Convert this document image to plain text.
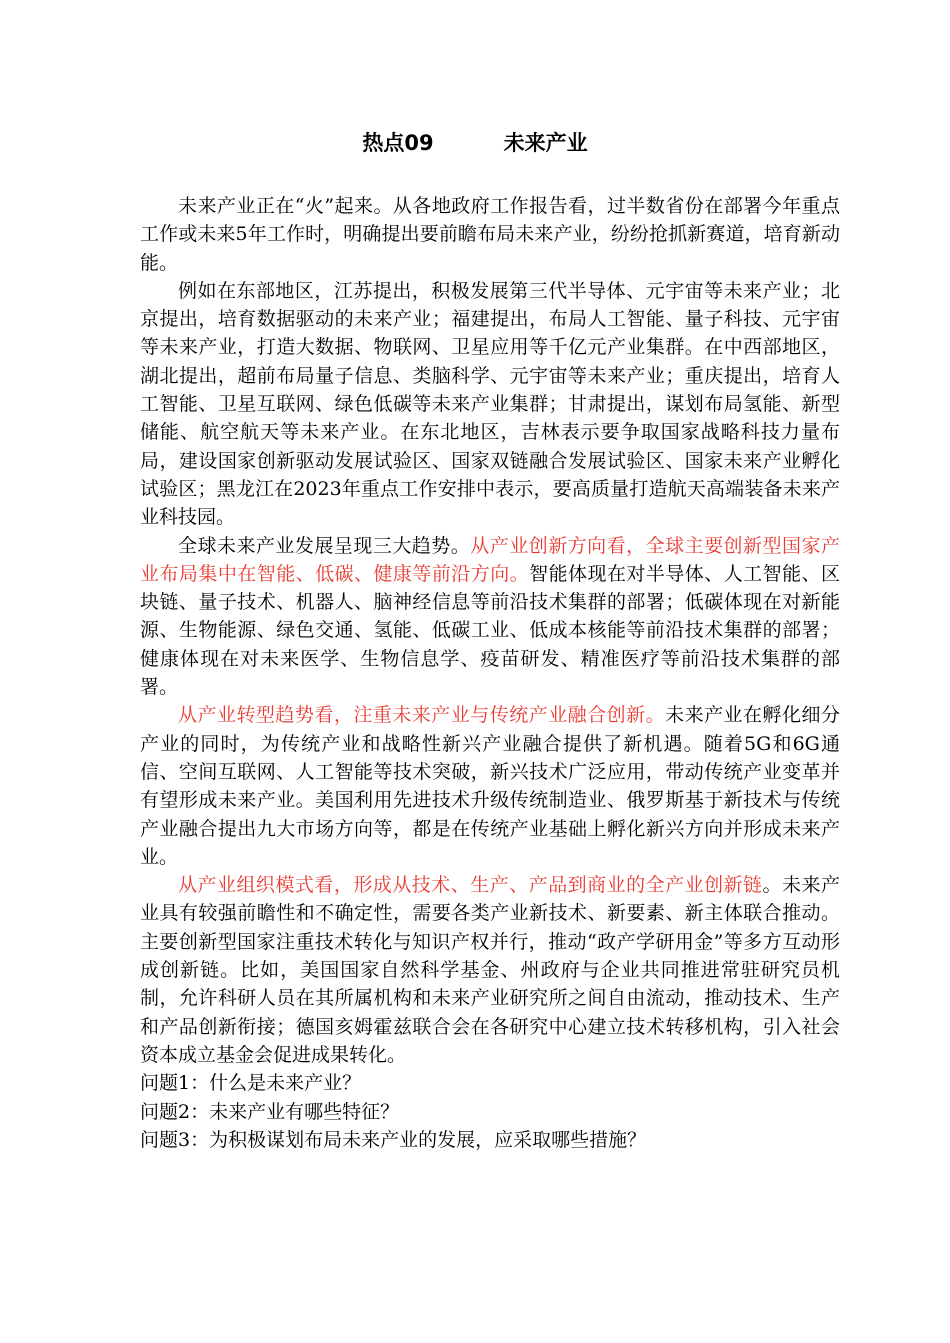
热点09	未来产业

未来产业正在“火”起来。从各地政府工作报告看，过半数省份在部署今年重点工作或未来5年工作时，明确提出要前瞻布局未来产业，纷纷抢抓新赛道，培育新动能。

例如在东部地区，江苏提出，积极发展第三代半导体、元宇宙等未来产业；北京提出，培育数据驱动的未来产业；福建提出，布局人工智能、量子科技、元宇宙等未来产业，打造大数据、物联网、卫星应用等千亿元产业集群。在中西部地区，湖北提出，超前布局量子信息、类脑科学、元宇宙等未来产业；重庆提出，培育人工智能、卫星互联网、绿色低碳等未来产业集群；甘肃提出，谋划布局氢能、新型储能、航空航天等未来产业。在东北地区，吉林表示要争取国家战略科技力量布局，建设国家创新驱动发展试验区、国家双链融合发展试验区、国家未来产业孵化试验区；黑龙江在2023年重点工作安排中表示，要高质量打造航天高端装备未来产业科技园。

全球未来产业发展呈现三大趋势。从产业创新方向看，全球主要创新型国家产业布局集中在智能、低碳、健康等前沿方向。智能体现在对半导体、人工智能、区块链、量子技术、机器人、脑神经信息等前沿技术集群的部署；低碳体现在对新能源、生物能源、绿色交通、氢能、低碳工业、低成本核能等前沿技术集群的部署；健康体现在对未来医学、生物信息学、疫苗研发、精准医疗等前沿技术集群的部署。

从产业转型趋势看，注重未来产业与传统产业融合创新。未来产业在孵化细分产业的同时，为传统产业和战略性新兴产业融合提供了新机遇。随着5G和6G通信、空间互联网、人工智能等技术突破，新兴技术广泛应用，带动传统产业变革并有望形成未来产业。美国利用先进技术升级传统制造业、俄罗斯基于新技术与传统产业融合提出九大市场方向等，都是在传统产业基础上孵化新兴方向并形成未来产业。

从产业组织模式看，形成从技术、生产、产品到商业的全产业创新链。未来产业具有较强前瞻性和不确定性，需要各类产业新技术、新要素、新主体联合推动。主要创新型国家注重技术转化与知识产权并行，推动“政产学研用金”等多方互动形成创新链。比如，美国国家自然科学基金、州政府与企业共同推进常驻研究员机制，允许科研人员在其所属机构和未来产业研究所之间自由流动，推动技术、生产和产品创新衔接；德国亥姆霍兹联合会在各研究中心建立技术转移机构，引入社会资本成立基金会促进成果转化。

问题1：什么是未来产业？

问题2：未来产业有哪些特征？

问题3：为积极谋划布局未来产业的发展，应采取哪些措施？
